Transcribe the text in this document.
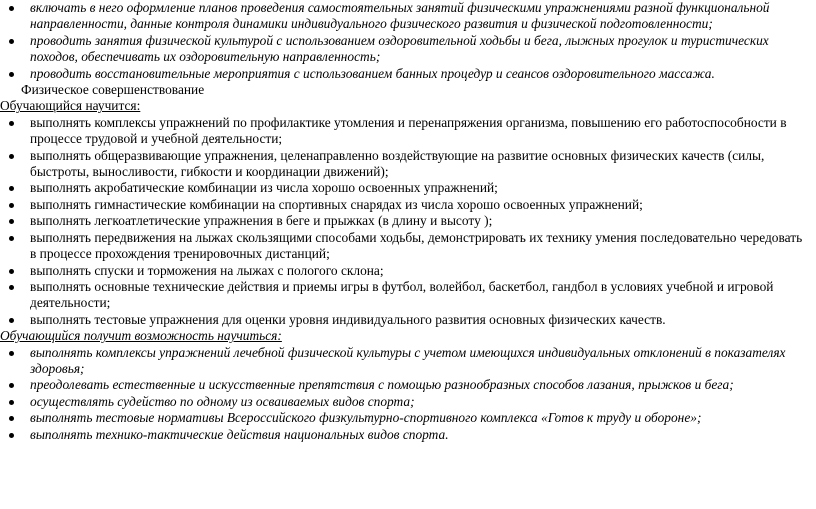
включать в него оформление планов проведения самостоятельных занятий физическими упражнениями разной функциональной направленности, данные контроля динамики индивидуального физического развития и физической подготовленности;
проводить занятия физической культурой с использованием оздоровительной ходьбы и бега, лыжных прогулок и туристических походов, обеспечивать их оздоровительную направленность;
проводить восстановительные мероприятия с использованием банных процедур и сеансов оздоровительного массажа.
Физическое совершенствование
Обучающийся научится:
выполнять комплексы упражнений по профилактике утомления и перенапряжения организма, повышению его работоспособности в процессе трудовой и учебной деятельности;
выполнять общеразвивающие упражнения, целенаправленно воздействующие на развитие основных физических качеств (силы, быстроты, выносливости, гибкости и координации движений);
выполнять акробатические комбинации из числа хорошо освоенных упражнений;
выполнять гимнастические комбинации на спортивных снарядах из числа хорошо освоенных упражнений;
выполнять легкоатлетические упражнения в беге и прыжках (в длину и высоту );
выполнять передвижения на лыжах скользящими способами ходьбы, демонстрировать их технику умения последовательно чередовать в процессе прохождения тренировочных дистанций;
выполнять спуски и торможения на лыжах с пологого склона;
выполнять основные технические действия и приемы игры в футбол, волейбол, баскетбол, гандбол в условиях учебной и игровой деятельности;
выполнять тестовые упражнения для оценки уровня индивидуального развития основных физических качеств.
Обучающийся получит возможность научиться:
выполнять комплексы упражнений лечебной физической культуры с учетом имеющихся индивидуальных отклонений в показателях здоровья;
преодолевать естественные и искусственные препятствия с помощью разнообразных способов лазания, прыжков и бега;
осуществлять судейство по одному из осваиваемых видов спорта;
выполнять тестовые нормативы Всероссийского физкультурно-спортивного комплекса «Готов к труду и обороне»;
выполнять технико-тактические действия национальных видов спорта.
